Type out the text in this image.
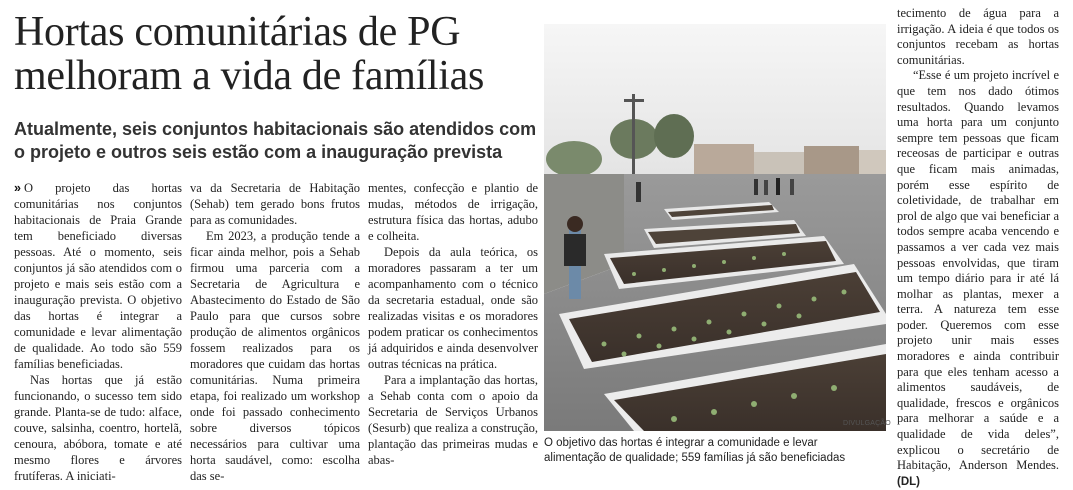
Hortas comunitárias de PG
melhoram a vida de famílias
Atualmente, seis conjuntos habitacionais são atendidos com
o projeto e outros seis estão com a inauguração prevista

» O projeto das hortas comunitárias nos conjuntos habitacionais de Praia Grande tem beneficiado diversas pessoas. Até o momento, seis conjuntos já são atendidos com o projeto e mais seis estão com a inauguração prevista. O objetivo das hortas é integrar a comunidade e levar alimentação de qualidade. Ao todo são 559 famílias beneficiadas.

Nas hortas que já estão funcionando, o sucesso tem sido grande. Planta-se de tudo: alface, couve, salsinha, coentro, hortelã, cenoura, abóbora, tomate e até mesmo flores e árvores frutíferas. A iniciati-

va da Secretaria de Habitação (Sehab) tem gerado bons frutos para as comunidades.

Em 2023, a produção tende a ficar ainda melhor, pois a Sehab firmou uma parceria com a Secretaria de Agricultura e Abastecimento do Estado de São Paulo para que cursos sobre produção de alimentos orgânicos fossem realizados para os moradores que cuidam das hortas comunitárias. Numa primeira etapa, foi realizado um workshop onde foi passado conhecimento sobre diversos tópicos necessários para cultivar uma horta saudável, como: escolha das se-

mentes, confecção e plantio de mudas, métodos de irrigação, estrutura física das hortas, adubo e colheita.

Depois da aula teórica, os moradores passaram a ter um acompanhamento com o técnico da secretaria estadual, onde são realizadas visitas e os moradores podem praticar os conhecimentos já adquiridos e ainda desenvolver outras técnicas na prática.

Para a implantação das hortas, a Sehab conta com o apoio da Secretaria de Serviços Urbanos (Sesurb) que realiza a construção, plantação das primeiras mudas e abas-

DIVULGAÇÃO

O objetivo das hortas é integrar a comunidade e levar
alimentação de qualidade; 559 famílias já são beneficiadas

tecimento de água para a irrigação. A ideia é que todos os conjuntos recebam as hortas comunitárias.

“Esse é um projeto incrível e que tem nos dado ótimos resultados. Quando levamos uma horta para um conjunto sempre tem pessoas que ficam receosas de participar e outras que ficam mais animadas, porém esse espírito de coletividade, de trabalhar em prol de algo que vai beneficiar a todos sempre acaba vencendo e passamos a ver cada vez mais pessoas envolvidas, que tiram um tempo diário para ir até lá molhar as plantas, mexer a terra. A natureza tem esse poder. Queremos com esse projeto unir mais esses moradores e ainda contribuir para que eles tenham acesso a alimentos saudáveis, de qualidade, frescos e orgânicos para melhorar a saúde e a qualidade de vida deles”, explicou o secretário de Habitação, Anderson Mendes. (DL)
